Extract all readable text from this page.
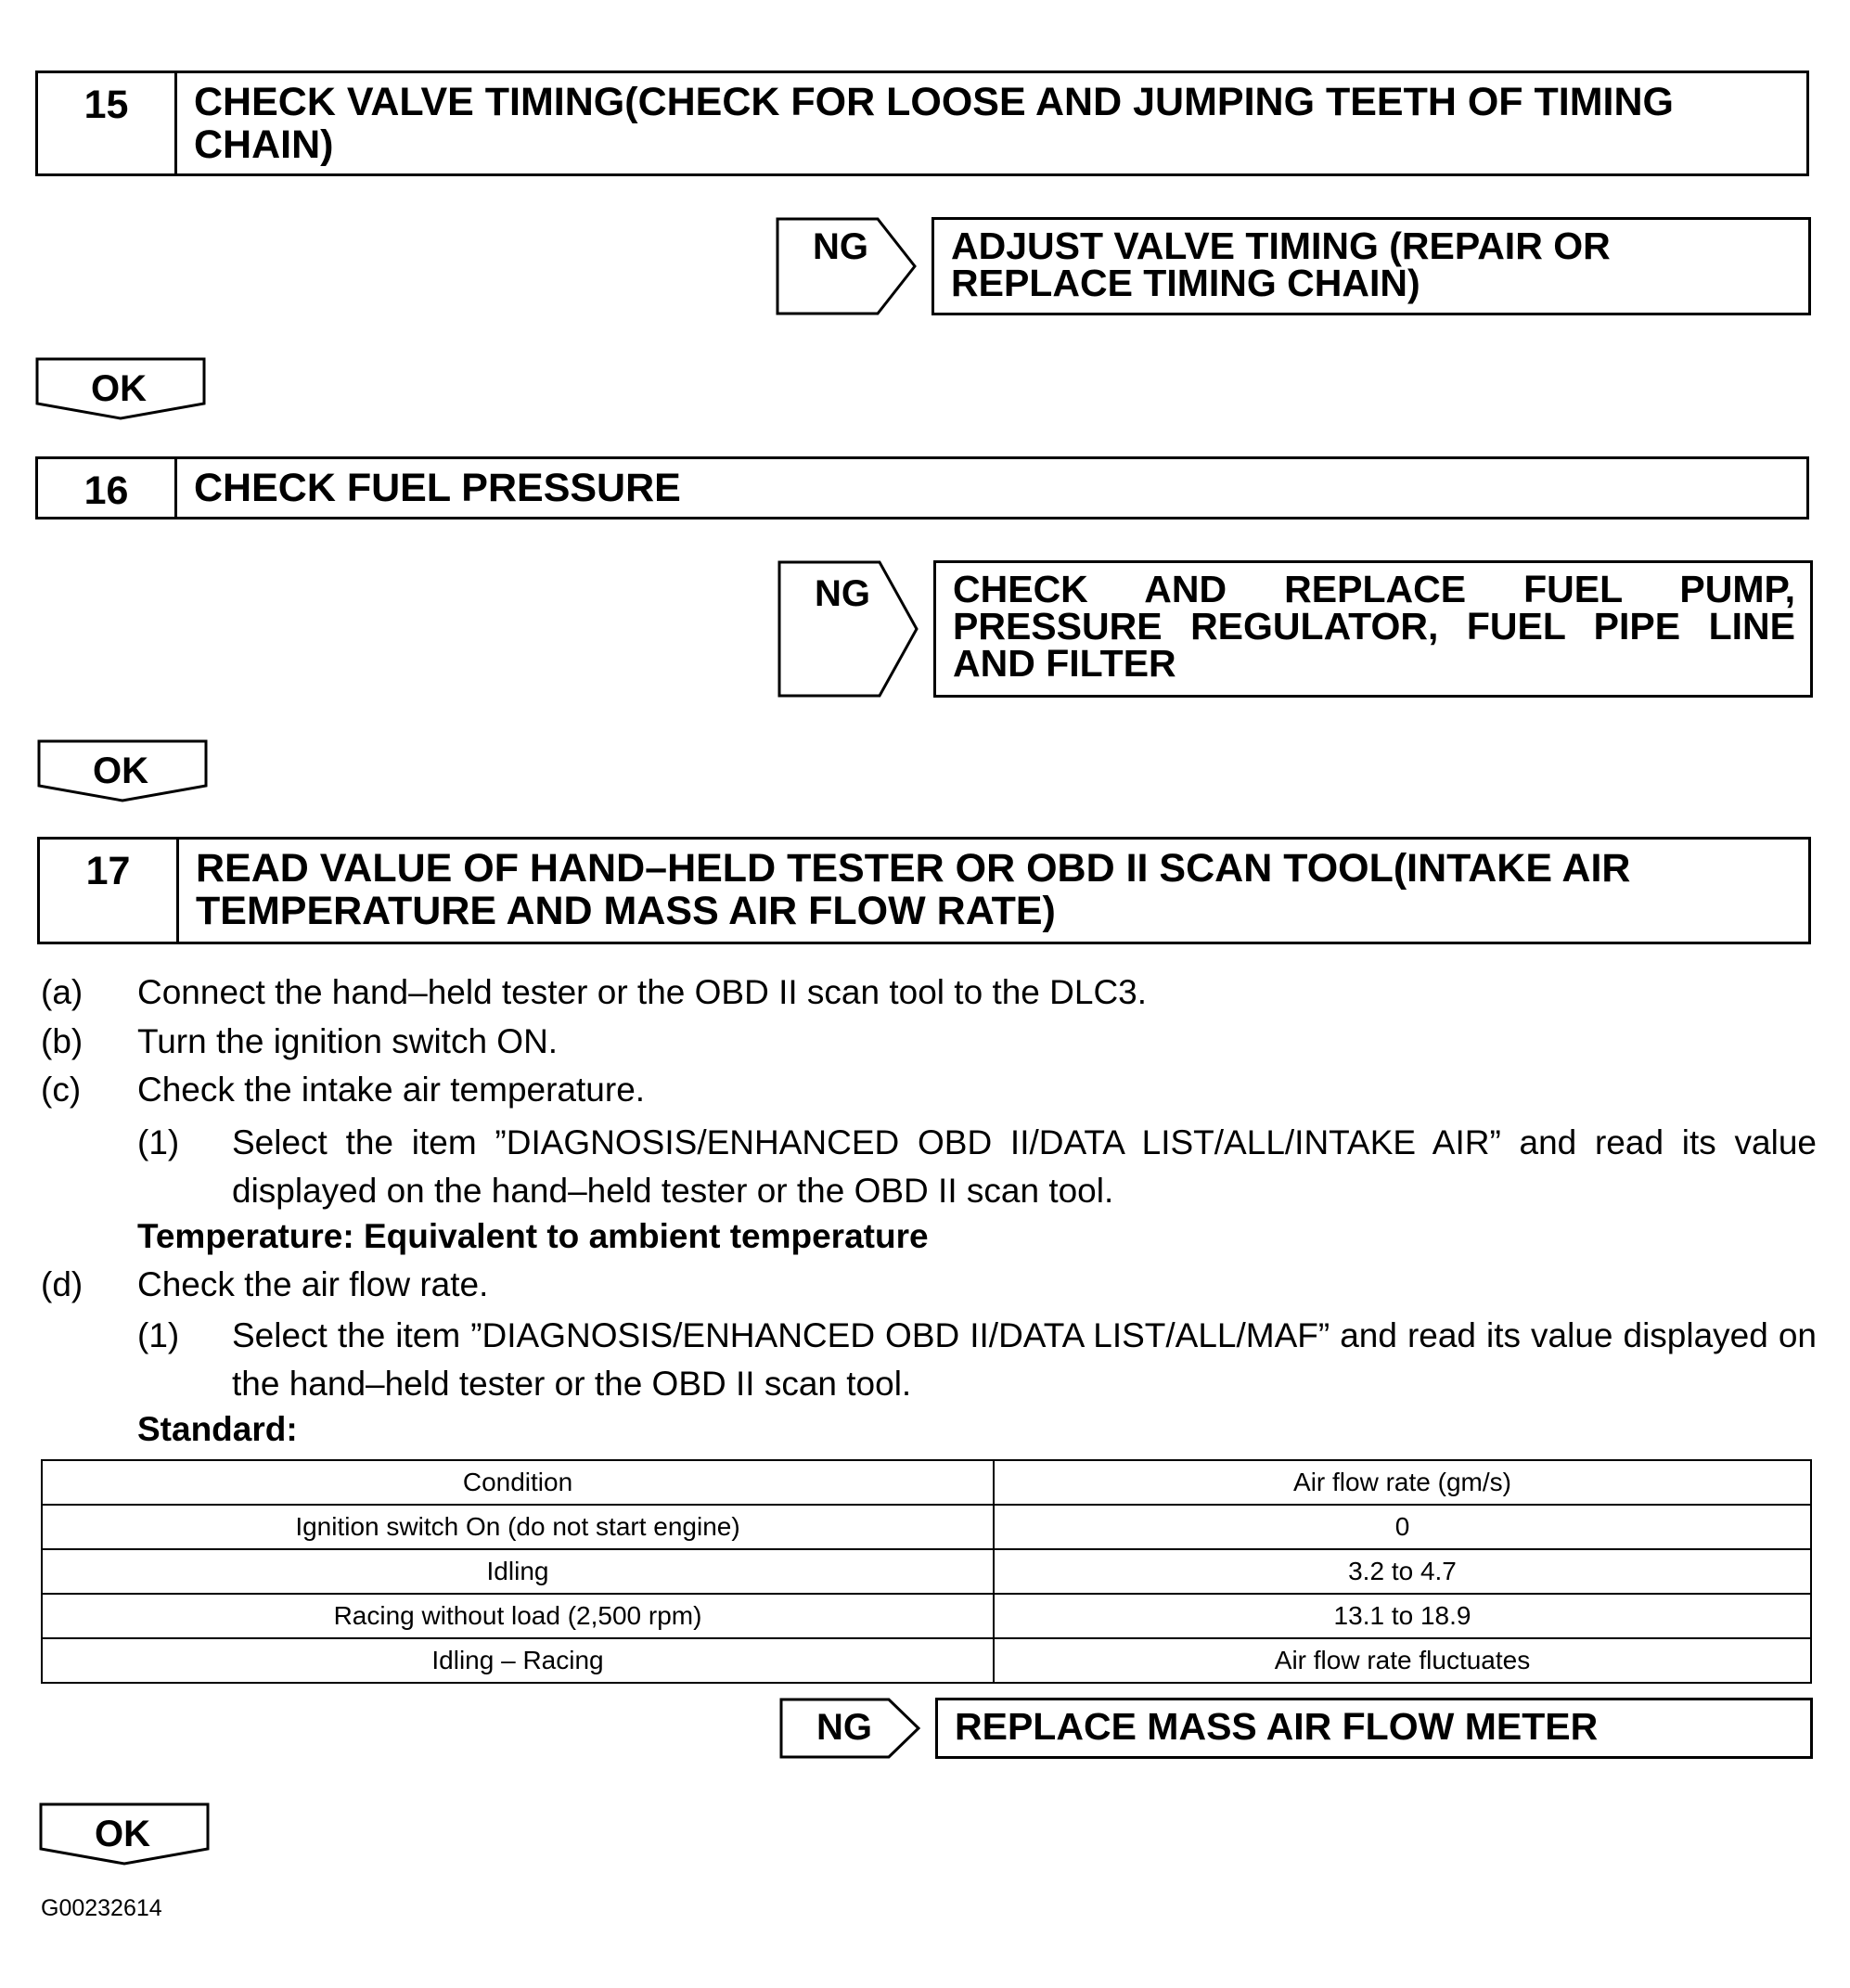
15	CHECK VALVE TIMING(CHECK FOR LOOSE AND JUMPING TEETH OF TIMING CHAIN)
NG	ADJUST VALVE TIMING (REPAIR OR REPLACE TIMING CHAIN)
OK
16	CHECK FUEL PRESSURE
NG	CHECK AND REPLACE FUEL PUMP, PRESSURE REGULATOR, FUEL PIPE LINE AND FILTER
OK
17	READ VALUE OF HAND–HELD TESTER OR OBD II SCAN TOOL(INTAKE AIR TEMPERATURE AND MASS AIR FLOW RATE)
(a) Connect the hand–held tester or the OBD II scan tool to the DLC3.
(b) Turn the ignition switch ON.
(c) Check the intake air temperature.
(1) Select the item ”DIAGNOSIS/ENHANCED OBD II/DATA LIST/ALL/INTAKE AIR” and read its value displayed on the hand–held tester or the OBD II scan tool.
Temperature: Equivalent to ambient temperature
(d) Check the air flow rate.
(1) Select the item ”DIAGNOSIS/ENHANCED OBD II/DATA LIST/ALL/MAF” and read its value displayed on the hand–held tester or the OBD II scan tool.
Standard:
Condition	Air flow rate (gm/s)
Ignition switch On (do not start engine)	0
Idling	3.2 to 4.7
Racing without load (2,500 rpm)	13.1 to 18.9
Idling – Racing	Air flow rate fluctuates
NG	REPLACE MASS AIR FLOW METER
OK
G00232614
